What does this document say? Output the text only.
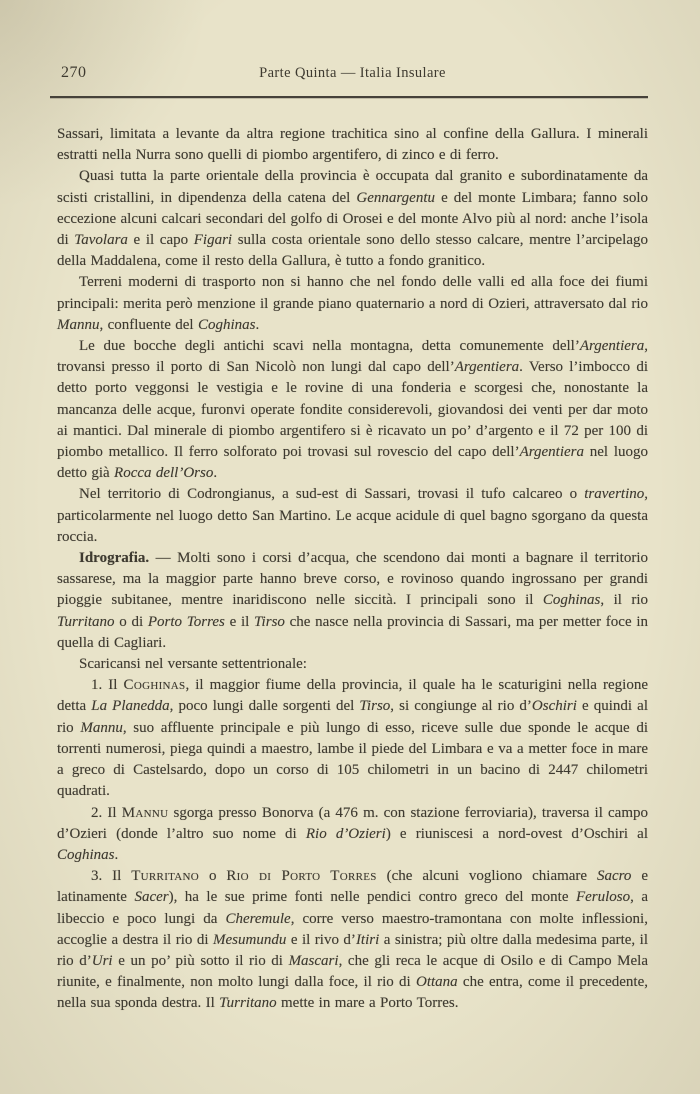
270	Parte Quinta — Italia Insulare

Sassari, limitata a levante da altra regione trachitica sino al confine della Gallura. I minerali estratti nella Nurra sono quelli di piombo argentifero, di zinco e di ferro.

Quasi tutta la parte orientale della provincia è occupata dal granito e subordinatamente da scisti cristallini, in dipendenza della catena del Gennargentu e del monte Limbara; fanno solo eccezione alcuni calcari secondari del golfo di Orosei e del monte Alvo più al nord: anche l’isola di Tavolara e il capo Figari sulla costa orientale sono dello stesso calcare, mentre l’arcipelago della Maddalena, come il resto della Gallura, è tutto a fondo granitico.

Terreni moderni di trasporto non si hanno che nel fondo delle valli ed alla foce dei fiumi principali: merita però menzione il grande piano quaternario a nord di Ozieri, attraversato dal rio Mannu, confluente del Coghinas.

Le due bocche degli antichi scavi nella montagna, detta comunemente dell’Argentiera, trovansi presso il porto di San Nicolò non lungi dal capo dell’Argentiera. Verso l’imbocco di detto porto veggonsi le vestigia e le rovine di una fonderia e scorgesi che, nonostante la mancanza delle acque, furonvi operate fondite considerevoli, giovandosi dei venti per dar moto ai mantici. Dal minerale di piombo argentifero si è ricavato un po’ d’argento e il 72 per 100 di piombo metallico. Il ferro solforato poi trovasi sul rovescio del capo dell’Argentiera nel luogo detto già Rocca dell’Orso.

Nel territorio di Codrongianus, a sud-est di Sassari, trovasi il tufo calcareo o travertino, particolarmente nel luogo detto San Martino. Le acque acidule di quel bagno sgorgano da questa roccia.

Idrografia. — Molti sono i corsi d’acqua, che scendono dai monti a bagnare il territorio sassarese, ma la maggior parte hanno breve corso, e rovinoso quando ingrossano per grandi pioggie subitanee, mentre inaridiscono nelle siccità. I principali sono il Coghinas, il rio Turritano o di Porto Torres e il Tirso che nasce nella provincia di Sassari, ma per metter foce in quella di Cagliari.

Scaricansi nel versante settentrionale:

1. Il Coghinas, il maggior fiume della provincia, il quale ha le scaturigini nella regione detta La Planedda, poco lungi dalle sorgenti del Tirso, si congiunge al rio d’Oschiri e quindi al rio Mannu, suo affluente principale e più lungo di esso, riceve sulle due sponde le acque di torrenti numerosi, piega quindi a maestro, lambe il piede del Limbara e va a metter foce in mare a greco di Castelsardo, dopo un corso di 105 chilometri in un bacino di 2447 chilometri quadrati.

2. Il Mannu sgorga presso Bonorva (a 476 m. con stazione ferroviaria), traversa il campo d’Ozieri (donde l’altro suo nome di Rio d’Ozieri) e riuniscesi a nord-ovest d’Oschiri al Coghinas.

3. Il Turritano o Rio di Porto Torres (che alcuni vogliono chiamare Sacro e latinamente Sacer), ha le sue prime fonti nelle pendici contro greco del monte Feruloso, a libeccio e poco lungi da Cheremule, corre verso maestro-tramontana con molte inflessioni, accoglie a destra il rio di Mesumundu e il rivo d’Itiri a sinistra; più oltre dalla medesima parte, il rio d’Uri e un po’ più sotto il rio di Mascari, che gli reca le acque di Osilo e di Campo Mela riunite, e finalmente, non molto lungi dalla foce, il rio di Ottana che entra, come il precedente, nella sua sponda destra. Il Turritano mette in mare a Porto Torres.
